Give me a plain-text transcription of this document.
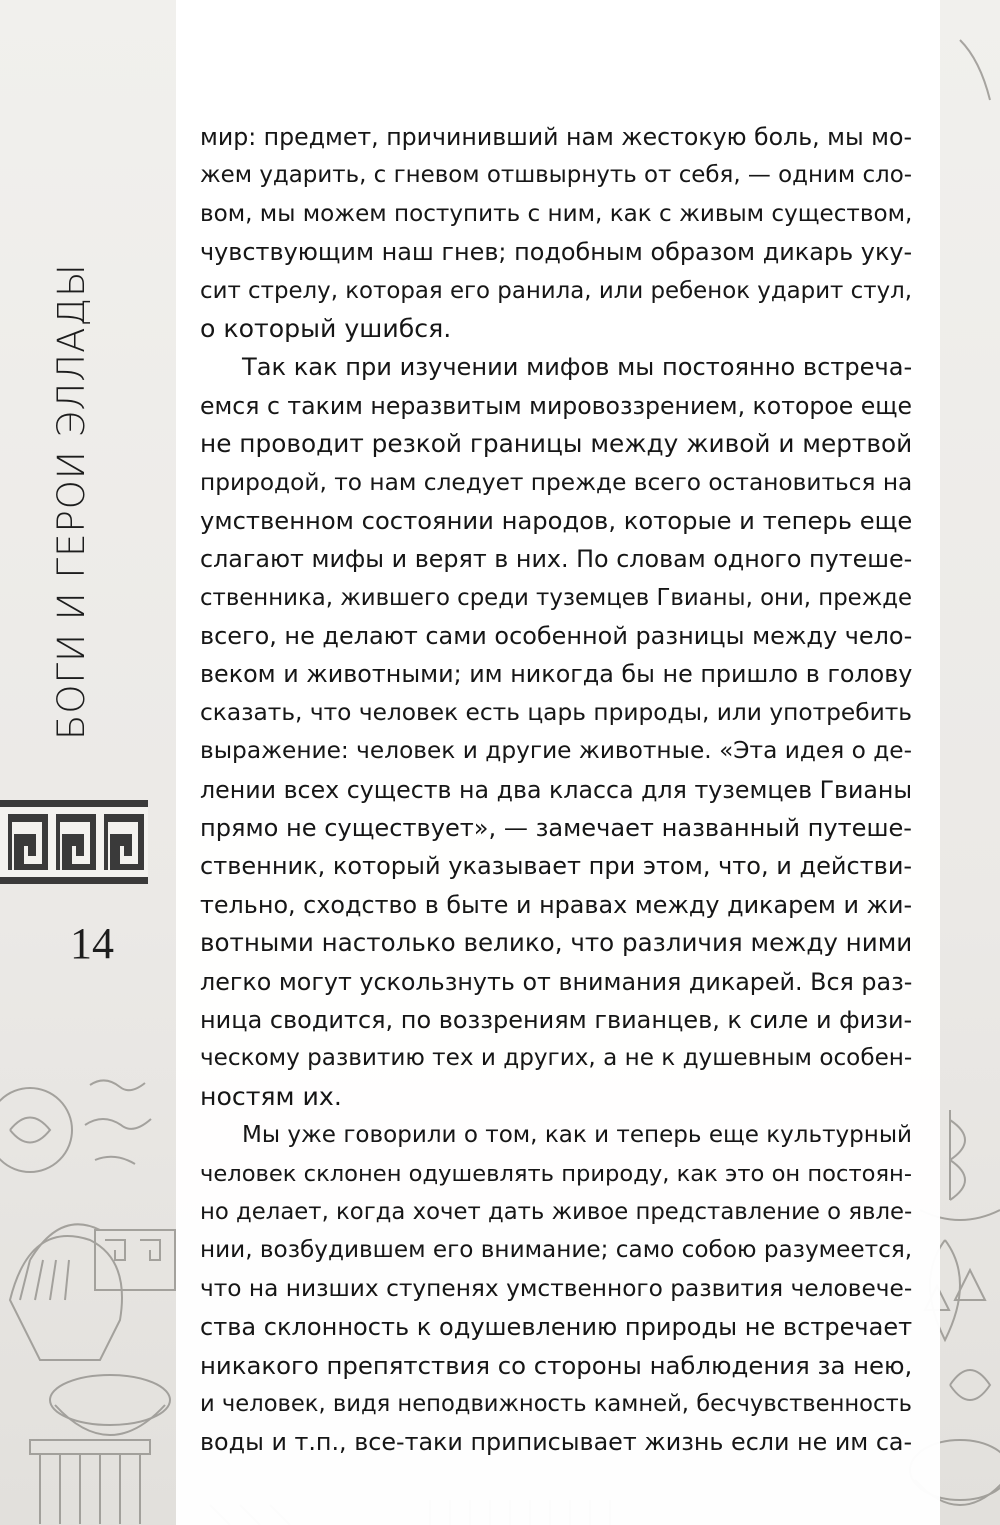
БОГИ И ГЕРОИ ЭЛЛАДЫ
14
мир: предмет, причинивший нам жестокую боль, мы мо-
жем ударить, с гневом отшвырнуть от себя, — одним сло-
вом, мы можем поступить с ним, как с живым существом,
чувствующим наш гнев; подобным образом дикарь уку-
сит стрелу, которая его ранила, или ребенок ударит стул,
о который ушибся.
Так как при изучении мифов мы постоянно встреча-
емся с таким неразвитым мировоззрением, которое еще
не проводит резкой границы между живой и мертвой
природой, то нам следует прежде всего остановиться на
умственном состоянии народов, которые и теперь еще
слагают мифы и верят в них. По словам одного путеше-
ственника, жившего среди туземцев Гвианы, они, прежде
всего, не делают сами особенной разницы между чело-
веком и животными; им никогда бы не пришло в голову
сказать, что человек есть царь природы, или употребить
выражение: человек и другие животные. «Эта идея о де-
лении всех существ на два класса для туземцев Гвианы
прямо не существует», — замечает названный путеше-
ственник, который указывает при этом, что, и действи-
тельно, сходство в быте и нравах между дикарем и жи-
вотными настолько велико, что различия между ними
легко могут ускользнуть от внимания дикарей. Вся раз-
ница сводится, по воззрениям гвианцев, к силе и физи-
ческому развитию тех и других, а не к душевным особен-
ностям их.
Мы уже говорили о том, как и теперь еще культурный
человек склонен одушевлять природу, как это он постоян-
но делает, когда хочет дать живое представление о явле-
нии, возбудившем его внимание; само собою разумеется,
что на низших ступенях умственного развития человече-
ства склонность к одушевлению природы не встречает
никакого препятствия со стороны наблюдения за нею,
и человек, видя неподвижность камней, бесчувственность
воды и т.п., все-таки приписывает жизнь если не им са-
